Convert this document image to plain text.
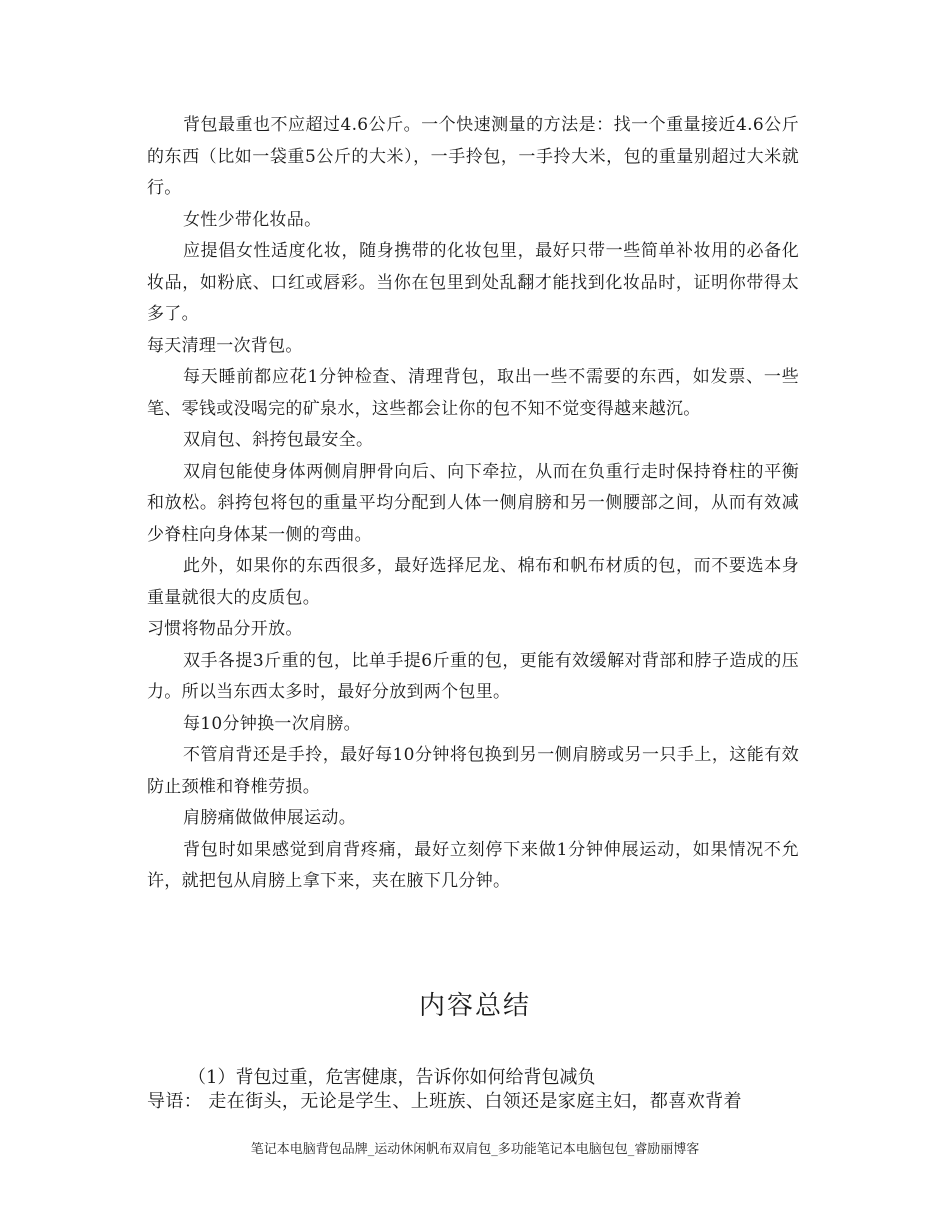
背包最重也不应超过4.6公斤。一个快速测量的方法是：找一个重量接近4.6公斤的东西（比如一袋重5公斤的大米），一手拎包，一手拎大米，包的重量别超过大米就行。

女性少带化妆品。

应提倡女性适度化妆，随身携带的化妆包里，最好只带一些简单补妆用的必备化妆品，如粉底、口红或唇彩。当你在包里到处乱翻才能找到化妆品时，证明你带得太多了。

每天清理一次背包。

每天睡前都应花1分钟检查、清理背包，取出一些不需要的东西，如发票、一些笔、零钱或没喝完的矿泉水，这些都会让你的包不知不觉变得越来越沉。

双肩包、斜挎包最安全。

双肩包能使身体两侧肩胛骨向后、向下牵拉，从而在负重行走时保持脊柱的平衡和放松。斜挎包将包的重量平均分配到人体一侧肩膀和另一侧腰部之间，从而有效减少脊柱向身体某一侧的弯曲。

此外，如果你的东西很多，最好选择尼龙、棉布和帆布材质的包，而不要选本身重量就很大的皮质包。

习惯将物品分开放。

双手各提3斤重的包，比单手提6斤重的包，更能有效缓解对背部和脖子造成的压力。所以当东西太多时，最好分放到两个包里。

每10分钟换一次肩膀。

不管肩背还是手拎，最好每10分钟将包换到另一侧肩膀或另一只手上，这能有效防止颈椎和脊椎劳损。

肩膀痛做做伸展运动。

背包时如果感觉到肩背疼痛，最好立刻停下来做1分钟伸展运动，如果情况不允许，就把包从肩膀上拿下来，夹在腋下几分钟。

内容总结

（1）背包过重，危害健康，告诉你如何给背包减负

导语： 走在街头，无论是学生、上班族、白领还是家庭主妇，都喜欢背着

笔记本电脑背包品牌_运动休闲帆布双肩包_多功能笔记本电脑包包_睿励丽博客
